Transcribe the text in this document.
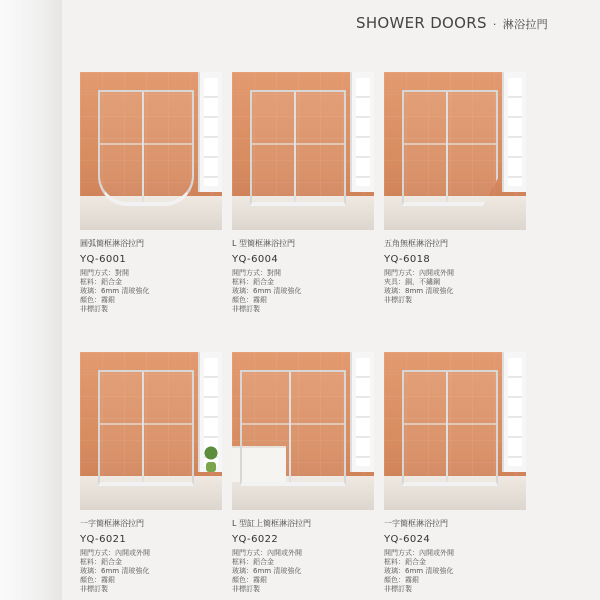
SHOWER DOORS · 淋浴拉門
圓弧簡框淋浴拉門
YQ-6001
開門方式：對開
框料：鋁合金
玻璃：6mm 清玻強化
顏色：霧銀
非標訂製
L 型簡框淋浴拉門
YQ-6004
開門方式：對開
框料：鋁合金
玻璃：6mm 清玻強化
顏色：霧銀
非標訂製
五角無框淋浴拉門
YQ-6018
開門方式：內開或外開
夾具：銅，不鏽鋼
玻璃：8mm 清玻強化
非標訂製
一字簡框淋浴拉門
YQ-6021
開門方式：內開或外開
框料：鋁合金
玻璃：6mm 清玻強化
顏色：霧銀
非標訂製
L 型缸上簡框淋浴拉門
YQ-6022
開門方式：內開或外開
框料：鋁合金
玻璃：6mm 清玻強化
顏色：霧銀
非標訂製
一字簡框淋浴拉門
YQ-6024
開門方式：內開或外開
框料：鋁合金
玻璃：6mm 清玻強化
顏色：霧銀
非標訂製
